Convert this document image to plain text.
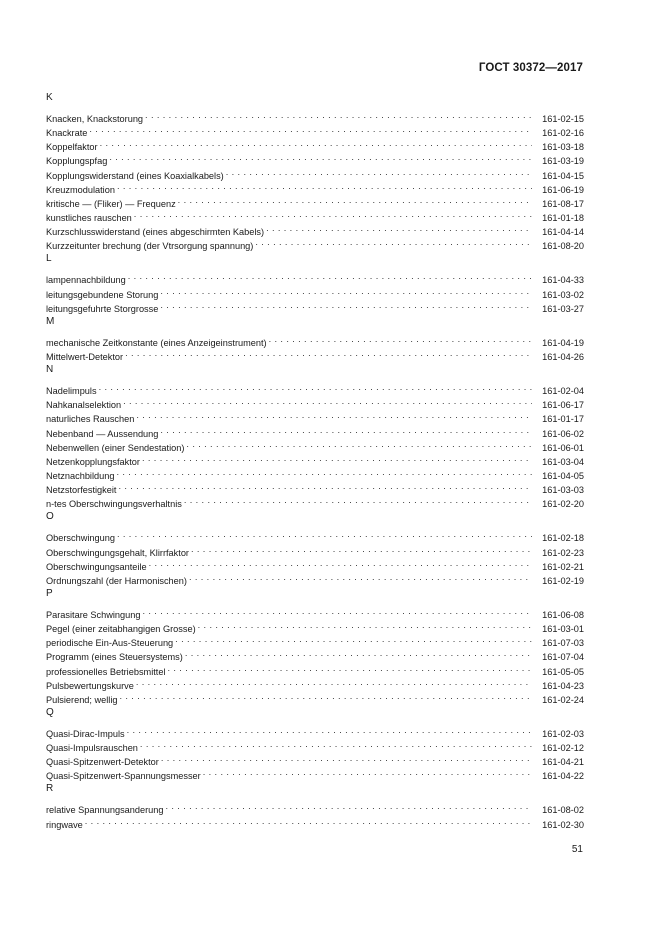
ГОСТ 30372—2017
K
Knacken, Knackstorung . . .	161-02-15
Knackrate . . .	161-02-16
Koppelfaktor . . .	161-03-18
Kopplungspfag . . .	161-03-19
Kopplungswiderstand (eines Koaxialkabels) . . .	161-04-15
Kreuzmodulation . . .	161-06-19
kritische — (Fliker) — Frequenz . . .	161-08-17
kunstliches rauschen . . .	161-01-18
Kurzschlusswiderstand (eines abgeschirmten Kabels) . . .	161-04-14
Kurzzeitunter brechung (der Vtrsorgung spannung) . . .	161-08-20
L
lampennachbildung . . .	161-04-33
leitungsgebundene Storung . . .	161-03-02
leitungsgefuhrte Storgrosse . . .	161-03-27
M
mechanische Zeitkonstante (eines Anzeigeinstrument) . . .	161-04-19
Mittelwert-Detektor . . .	161-04-26
N
Nadelimpuls . . .	161-02-04
Nahkanalselektion . . .	161-06-17
naturliches Rauschen . . .	161-01-17
Nebenband — Aussendung . . .	161-06-02
Nebenwellen (einer Sendestation) . . .	161-06-01
Netzenkopplungsfaktor . . .	161-03-04
Netznachbildung . . .	161-04-05
Netzstorfestigkeit . . .	161-03-03
n-tes Oberschwingungsverhaltnis . . .	161-02-20
O
Oberschwingung . . .	161-02-18
Oberschwingungsgehalt, Klirrfaktor . . .	161-02-23
Oberschwingungsanteile . . .	161-02-21
Ordnungszahl (der Harmonischen) . . .	161-02-19
P
Parasitare Schwingung . . .	161-06-08
Pegel (einer zeitabhangigen Grosse) . . .	161-03-01
periodische Ein-Aus-Steuerung . . .	161-07-03
Programm (eines Steuersystems) . . .	161-07-04
professionelles Betriebsmittel . . .	161-05-05
Pulsbewertungskurve . . .	161-04-23
Pulsierend; wellig . . .	161-02-24
Q
Quasi-Dirac-Impuls . . .	161-02-03
Quasi-Impulsrauschen . . .	161-02-12
Quasi-Spitzenwert-Detektor . . .	161-04-21
Quasi-Spitzenwert-Spannungsmesser . . .	161-04-22
R
relative Spannungsanderung . . .	161-08-02
ringwave . . .	161-02-30
51
